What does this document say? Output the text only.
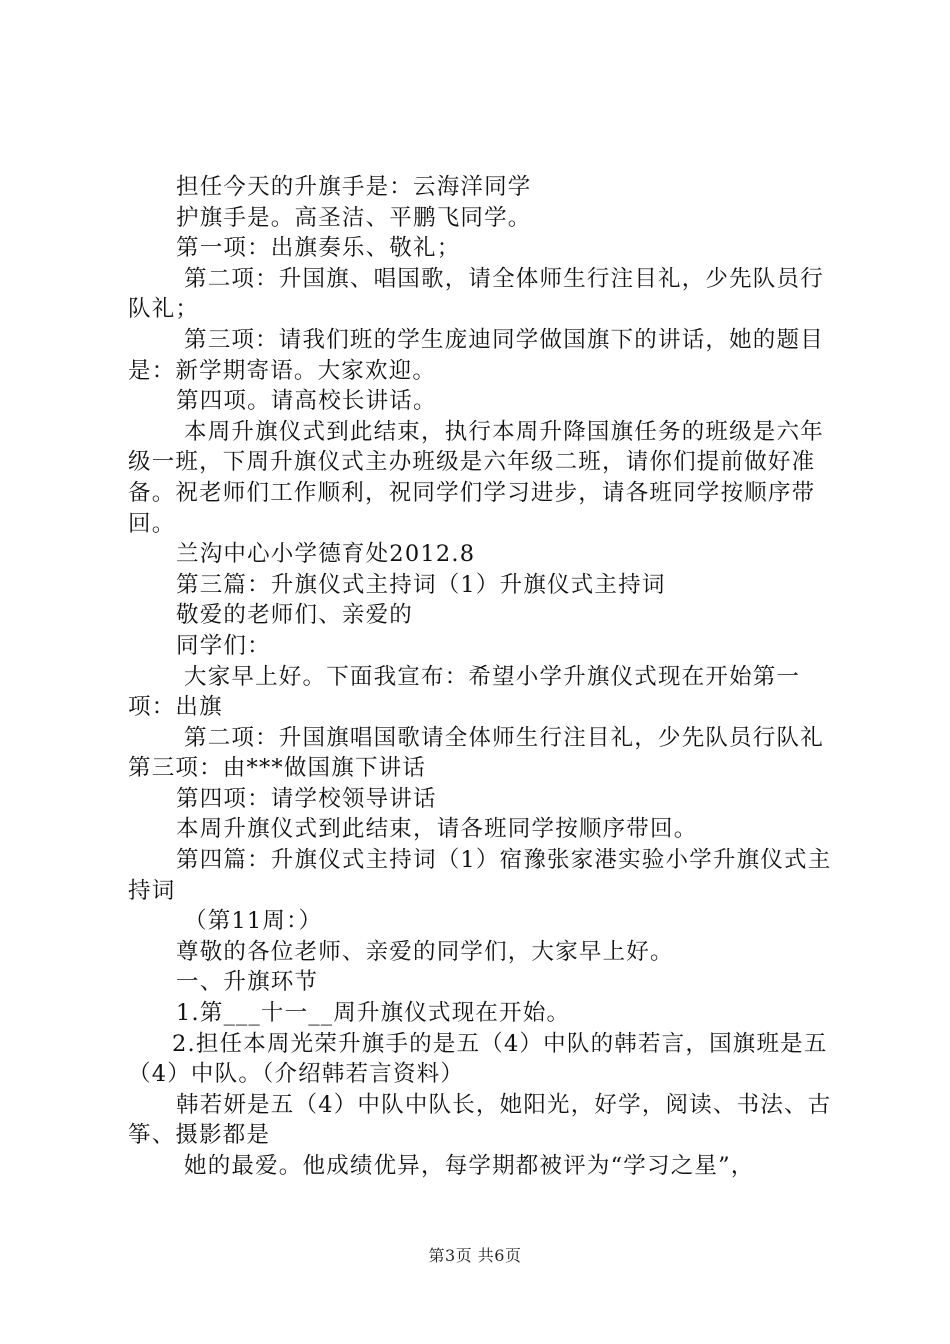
担任今天的升旗手是：云海洋同学

护旗手是。高圣洁、平鹏飞同学。

第一项：出旗奏乐、敬礼；

第二项：升国旗、唱国歌，请全体师生行注目礼，少先队员行队礼；

第三项：请我们班的学生庞迪同学做国旗下的讲话，她的题目是：新学期寄语。大家欢迎。

第四项。请高校长讲话。

本周升旗仪式到此结束，执行本周升降国旗任务的班级是六年级一班，下周升旗仪式主办班级是六年级二班，请你们提前做好准备。祝老师们工作顺利，祝同学们学习进步，请各班同学按顺序带回。

兰沟中心小学德育处2012.8

第三篇：升旗仪式主持词（1）升旗仪式主持词

敬爱的老师们、亲爱的

同学们：

大家早上好。下面我宣布：希望小学升旗仪式现在开始第一项：出旗

第二项：升国旗唱国歌请全体师生行注目礼，少先队员行队礼第三项：由***做国旗下讲话

第四项：请学校领导讲话

本周升旗仪式到此结束，请各班同学按顺序带回。

第四篇：升旗仪式主持词（1）宿豫张家港实验小学升旗仪式主持词

（第11周：）

尊敬的各位老师、亲爱的同学们，大家早上好。

一、升旗环节

1.第___十一__周升旗仪式现在开始。

2.担任本周光荣升旗手的是五（4）中队的韩若言，国旗班是五（4）中队。（介绍韩若言资料）

韩若妍是五（4）中队中队长，她阳光，好学，阅读、书法、古筝、摄影都是

她的最爱。他成绩优异，每学期都被评为“学习之星”，

第3页 共6页
